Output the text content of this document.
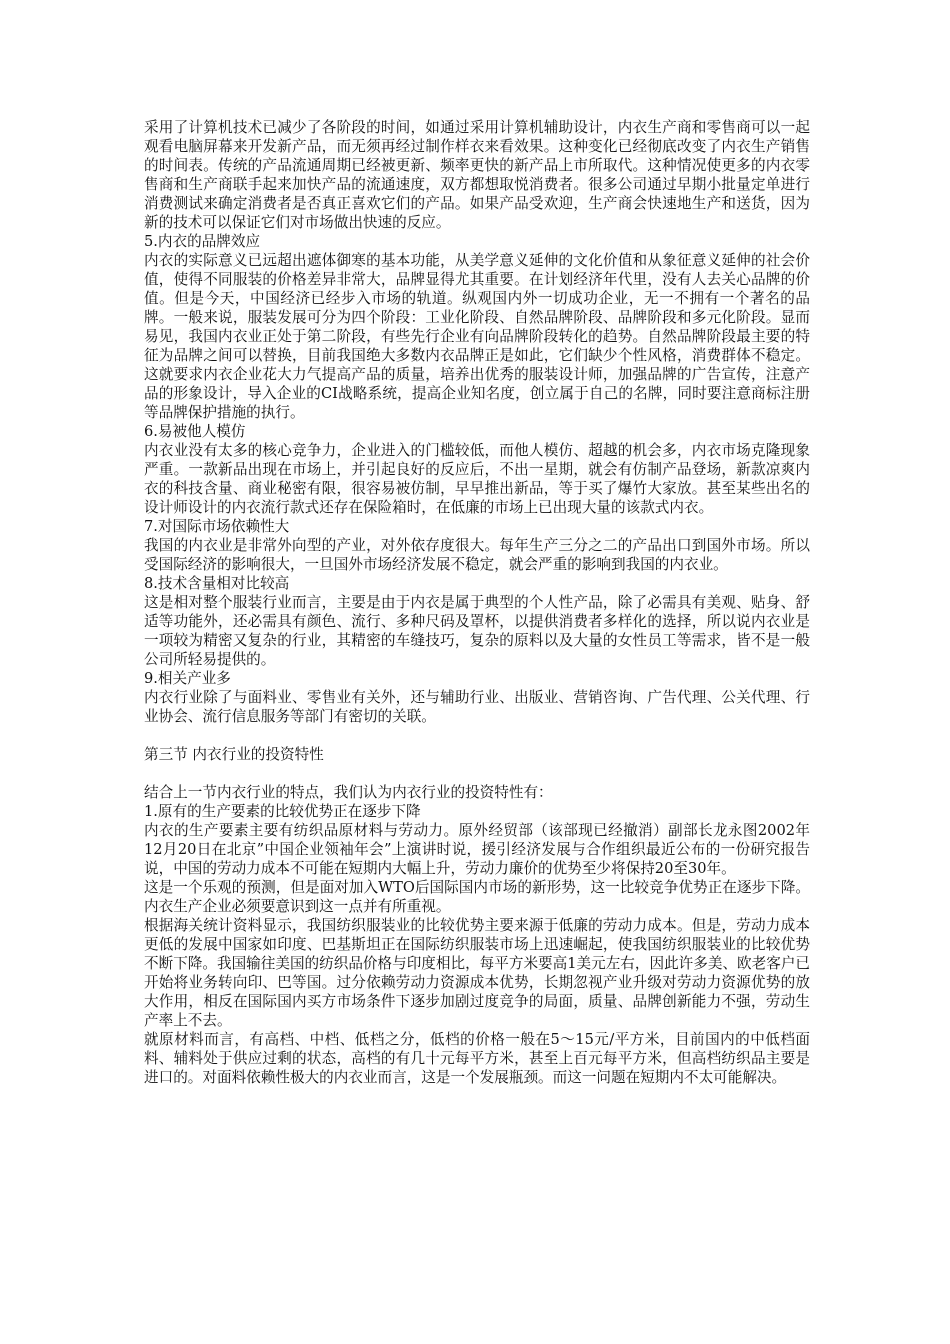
采用了计算机技术已减少了各阶段的时间，如通过采用计算机辅助设计，内衣生产商和零售商可以一起观看电脑屏幕来开发新产品，而无须再经过制作样衣来看效果。这种变化已经彻底改变了内衣生产销售的时间表。传统的产品流通周期已经被更新、频率更快的新产品上市所取代。这种情况使更多的内衣零售商和生产商联手起来加快产品的流通速度，双方都想取悦消费者。很多公司通过早期小批量定单进行消费测试来确定消费者是否真正喜欢它们的产品。如果产品受欢迎，生产商会快速地生产和送货，因为新的技术可以保证它们对市场做出快速的反应。

5.内衣的品牌效应

内衣的实际意义已远超出遮体御寒的基本功能，从美学意义延伸的文化价值和从象征意义延伸的社会价值，使得不同服装的价格差异非常大，品牌显得尤其重要。在计划经济年代里，没有人去关心品牌的价值。但是今天，中国经济已经步入市场的轨道。纵观国内外一切成功企业，无一不拥有一个著名的品牌。一般来说，服装发展可分为四个阶段：工业化阶段、自然品牌阶段、品牌阶段和多元化阶段。显而易见，我国内衣业正处于第二阶段，有些先行企业有向品牌阶段转化的趋势。自然品牌阶段最主要的特征为品牌之间可以替换，目前我国绝大多数内衣品牌正是如此，它们缺少个性风格，消费群体不稳定。这就要求内衣企业花大力气提高产品的质量，培养出优秀的服装设计师，加强品牌的广告宣传，注意产品的形象设计，导入企业的CI战略系统，提高企业知名度，创立属于自己的名牌，同时要注意商标注册等品牌保护措施的执行。

6.易被他人模仿

内衣业没有太多的核心竞争力，企业进入的门槛较低，而他人模仿、超越的机会多，内衣市场克隆现象严重。一款新品出现在市场上，并引起良好的反应后，不出一星期，就会有仿制产品登场，新款凉爽内衣的科技含量、商业秘密有限，很容易被仿制，早早推出新品，等于买了爆竹大家放。甚至某些出名的设计师设计的内衣流行款式还存在保险箱时，在低廉的市场上已出现大量的该款式内衣。

7.对国际市场依赖性大

我国的内衣业是非常外向型的产业，对外依存度很大。每年生产三分之二的产品出口到国外市场。所以受国际经济的影响很大，一旦国外市场经济发展不稳定，就会严重的影响到我国的内衣业。

8.技术含量相对比较高

这是相对整个服装行业而言，主要是由于内衣是属于典型的个人性产品，除了必需具有美观、贴身、舒适等功能外，还必需具有颜色、流行、多种尺码及罩杯，以提供消费者多样化的选择，所以说内衣业是一项较为精密又复杂的行业，其精密的车缝技巧，复杂的原料以及大量的女性员工等需求，皆不是一般公司所轻易提供的。

9.相关产业多

内衣行业除了与面料业、零售业有关外，还与辅助行业、出版业、营销咨询、广告代理、公关代理、行业协会、流行信息服务等部门有密切的关联。

第三节 内衣行业的投资特性

结合上一节内衣行业的特点，我们认为内衣行业的投资特性有：

1.原有的生产要素的比较优势正在逐步下降

内衣的生产要素主要有纺织品原材料与劳动力。原外经贸部（该部现已经撤消）副部长龙永图2002年12月20日在北京”中国企业领袖年会”上演讲时说，援引经济发展与合作组织最近公布的一份研究报告说，中国的劳动力成本不可能在短期内大幅上升，劳动力廉价的优势至少将保持20至30年。

这是一个乐观的预测，但是面对加入WTO后国际国内市场的新形势，这一比较竞争优势正在逐步下降。内衣生产企业必须要意识到这一点并有所重视。

根据海关统计资料显示，我国纺织服装业的比较优势主要来源于低廉的劳动力成本。但是，劳动力成本更低的发展中国家如印度、巴基斯坦正在国际纺织服装市场上迅速崛起，使我国纺织服装业的比较优势不断下降。我国输往美国的纺织品价格与印度相比，每平方米要高1美元左右，因此许多美、欧老客户已开始将业务转向印、巴等国。过分依赖劳动力资源成本优势，长期忽视产业升级对劳动力资源优势的放大作用，相反在国际国内买方市场条件下逐步加剧过度竞争的局面，质量、品牌创新能力不强，劳动生产率上不去。

就原材料而言，有高档、中档、低档之分，低档的价格一般在5～15元/平方米，目前国内的中低档面料、辅料处于供应过剩的状态，高档的有几十元每平方米，甚至上百元每平方米，但高档纺织品主要是进口的。对面料依赖性极大的内衣业而言，这是一个发展瓶颈。而这一问题在短期内不太可能解决。
